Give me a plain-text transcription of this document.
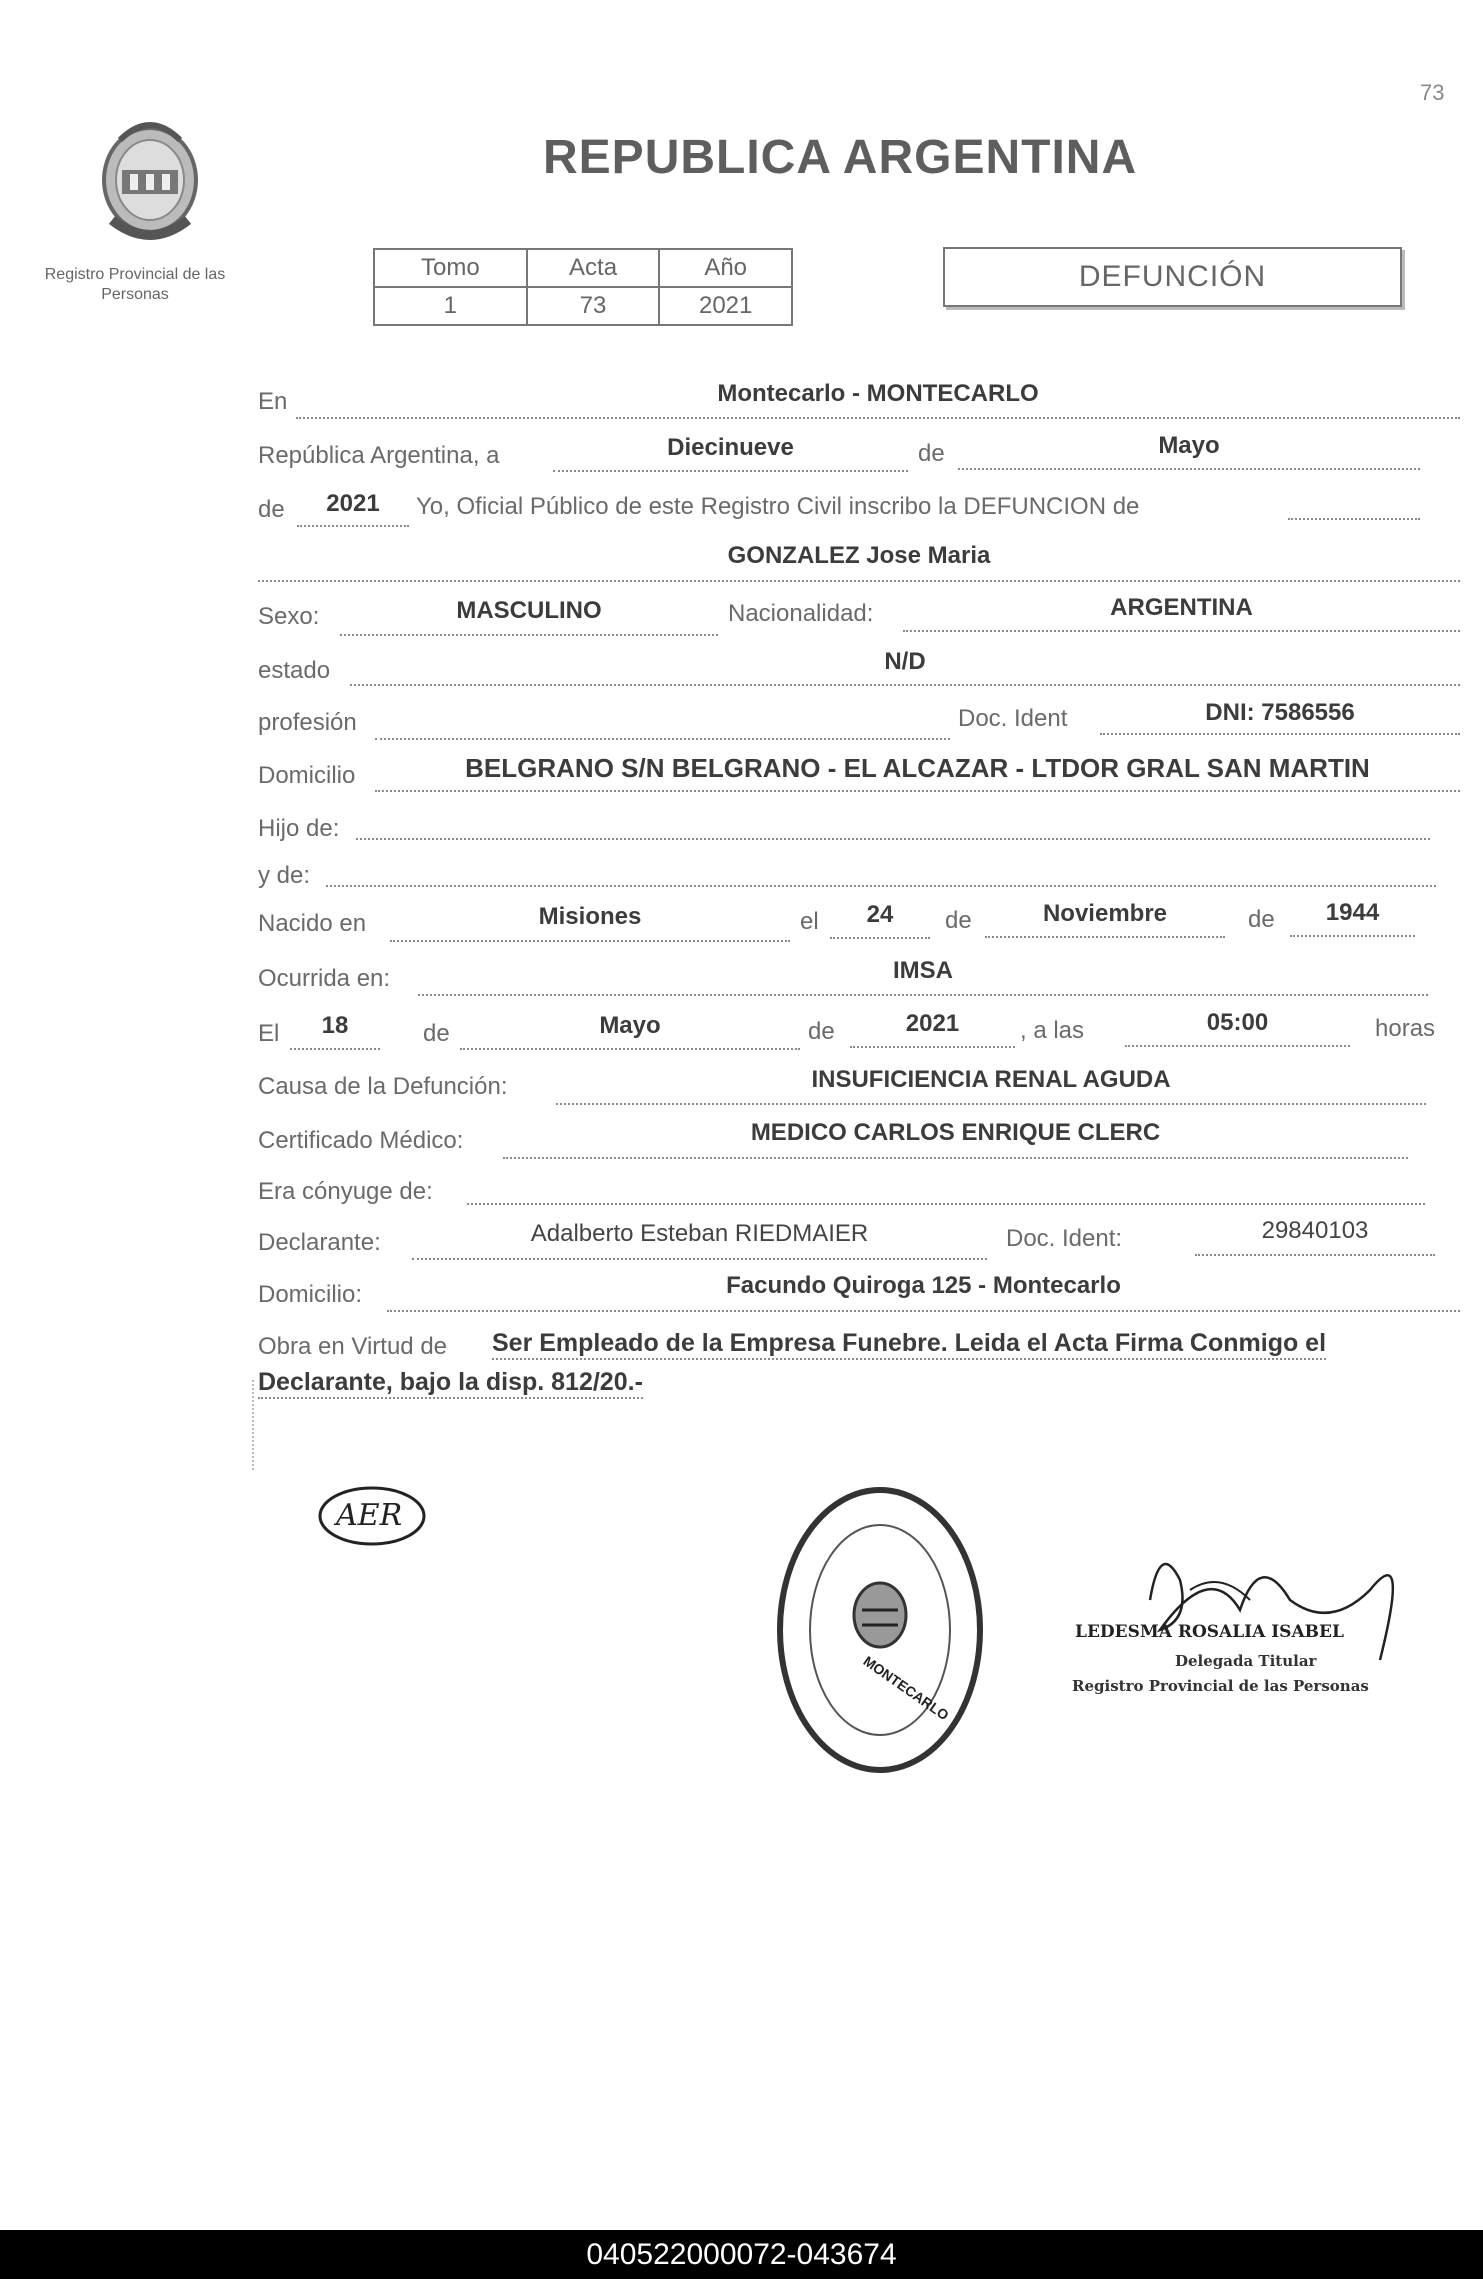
73
Registro Provincial de las Personas
REPUBLICA ARGENTINA
Tomo	Acta	Año
1	73	2021
DEFUNCIÓN
En	Montecarlo - MONTECARLO
República Argentina, a	Diecinueve	de	Mayo
de	2021	Yo, Oficial Público de este Registro Civil inscribo la DEFUNCION de
GONZALEZ Jose Maria
Sexo:	MASCULINO	Nacionalidad:	ARGENTINA
estado	N/D
profesión	Doc. Ident	DNI: 7586556
Domicilio	BELGRANO S/N BELGRANO - EL ALCAZAR - LTDOR GRAL SAN MARTIN
Hijo de:
y de:
Nacido en	Misiones	el	24	de	Noviembre	de	1944
Ocurrida en:	IMSA
El	18	de	Mayo	de	2021	, a las	05:00	horas
Causa de la Defunción:	INSUFICIENCIA RENAL AGUDA
Certificado Médico:	MEDICO CARLOS ENRIQUE CLERC
Era cónyuge de:
Declarante:	Adalberto Esteban RIEDMAIER	Doc. Ident:	29840103
Domicilio:	Facundo Quiroga 125 - Montecarlo
Obra en Virtud de Ser Empleado de la Empresa Funebre. Leida el Acta Firma Conmigo el
Declarante, bajo la disp. 812/20.-
AER
MONTECARLO
LEDESMA ROSALIA ISABEL
Delegada Titular
Registro Provincial de las Personas
040522000072-043674
